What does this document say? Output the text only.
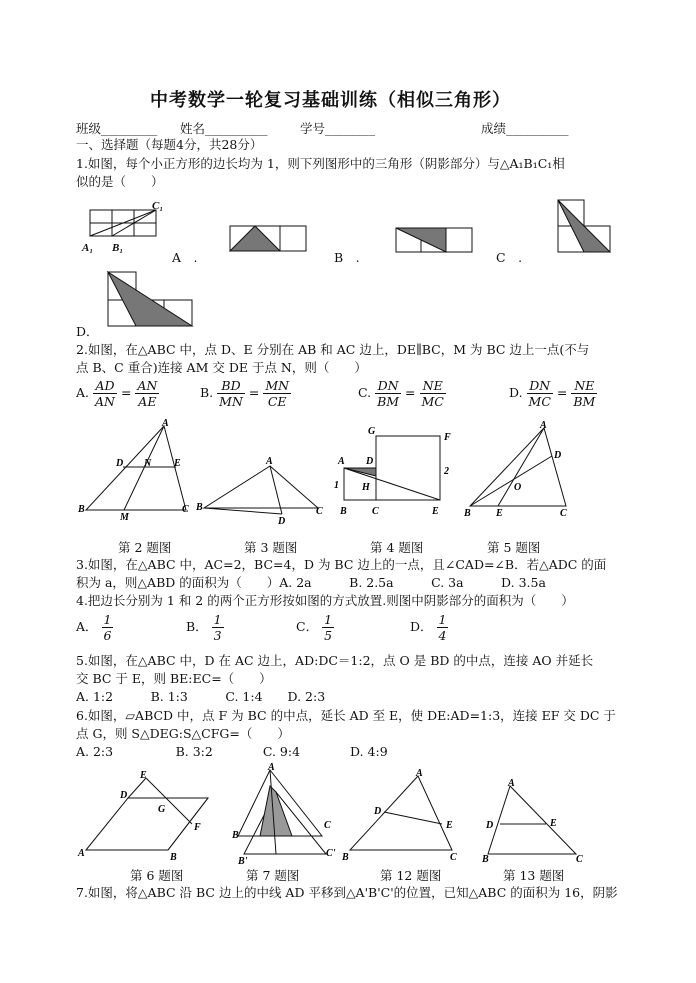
中考数学一轮复习基础训练（相似三角形）
班级_________ 姓名__________	学号________	成绩__________
一、选择题（每题4分，共28分）
1.如图，每个小正方形的边长均为 1，则下列图形中的三角形（阴影部分）与△A₁B₁C₁相
似的是（　　）
C₁
A₁ B₁
A　.	B　.	C　.
D．
2.如图，在△ABC 中，点 D、E 分别在 AB 和 AC 边上，DE∥BC，M 为 BC 边上一点(不与
点 B、C 重合)连接 AM 交 DE 于点 N，则（　　）
A. $\frac{AD}{AN} = \frac{AN}{AE}$	B. $\frac{BD}{MN} = \frac{MN}{CE}$	C. $\frac{DN}{BM} = \frac{NE}{MC}$	D. $\frac{DN}{MC} = \frac{NE}{BM}$
A
D N E
B
M
C
A
B
D
C
G
F
A D
H
1
2
B	C	E
A
D
O
B	E	C
第 2 题图	第 3 题图	第 4 题图	第 5 题图
3.如图，在△ABC 中，AC=2，BC=4，D 为 BC 边上的一点，且∠CAD=∠B．若△ADC 的面
积为 a，则△ABD 的面积为（　　）A. 2a　　　B. 2.5a　　　C. 3a　　　D. 3.5a
4.把边长分别为 1 和 2 的两个正方形按如图的方式放置.则图中阴影部分的面积为（　　）
A． $\frac{1}{6}$	B． $\frac{1}{3}$	C． $\frac{1}{5}$	D． $\frac{1}{4}$
5.如图，在△ABC 中，D 在 AC 边上，AD:DC＝1:2，点 O 是 BD 的中点，连接 AO 并延长
交 BC 于 E，则 BE:EC=（　　）
A. 1:2　　　B. 1:3　　　C. 1:4　　D. 2:3
6.如图，▱ABCD 中，点 F 为 BC 的中点，延长 AD 至 E，使 DE:AD=1:3，连接 EF 交 DC 于
点 G，则 S△DEG:S△CFG=（　　）
A. 2:3　　　　　B. 3:2　　　　C. 9:4　　　　D. 4:9
E
D
G
F
A	B
A
B
C
B'
C'
A
D
E
B	C
A
D	E
B	C
第 6 题图	第 7 题图	第 12 题图	第 13 题图
7.如图，将△ABC 沿 BC 边上的中线 AD 平移到△A'B'C'的位置，已知△ABC 的面积为 16，阴影
